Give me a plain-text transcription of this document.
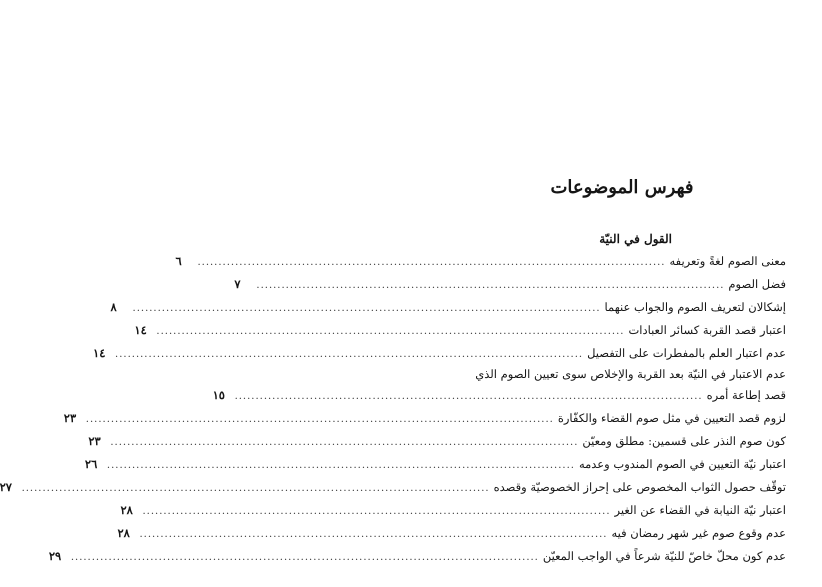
فهرس الموضوعات
القول في النيّة
معنى الصوم لغةً وتعريفه
................................................................................................................
٦
فضل الصوم
................................................................................................................
٧
إشكالان لتعريف الصوم والجواب عنهما
................................................................................................................
٨
اعتبار قصد القربة كسائر العبادات
................................................................................................................
١٤
عدم اعتبار العلم بالمفطرات على التفصيل
................................................................................................................
١٤
عدم الاعتبار في النيّة بعد القربة والإخلاص سوى تعيين الصوم الذي
قصد إطاعة أمره
................................................................................................................
١٥
لزوم قصد التعيين في مثل صوم القضاء والكفّارة
................................................................................................................
٢٣
كون صوم النذر على قسمين: مطلق ومعيّن
................................................................................................................
٢٣
اعتبار نيّة التعيين في الصوم المندوب وعدمه
................................................................................................................
٢٦
توقّف حصول الثواب المخصوص على إحراز الخصوصيّة وقصده
................................................................................................................
٢٧
اعتبار نيّة النيابة في القضاء عن الغير
................................................................................................................
٢٨
عدم وقوع صوم غير شهر رمضان فيه
................................................................................................................
٢٨
عدم كون محلّ خاصّ للنيّة شرعاً في الواجب المعيّن
................................................................................................................
٢٩
